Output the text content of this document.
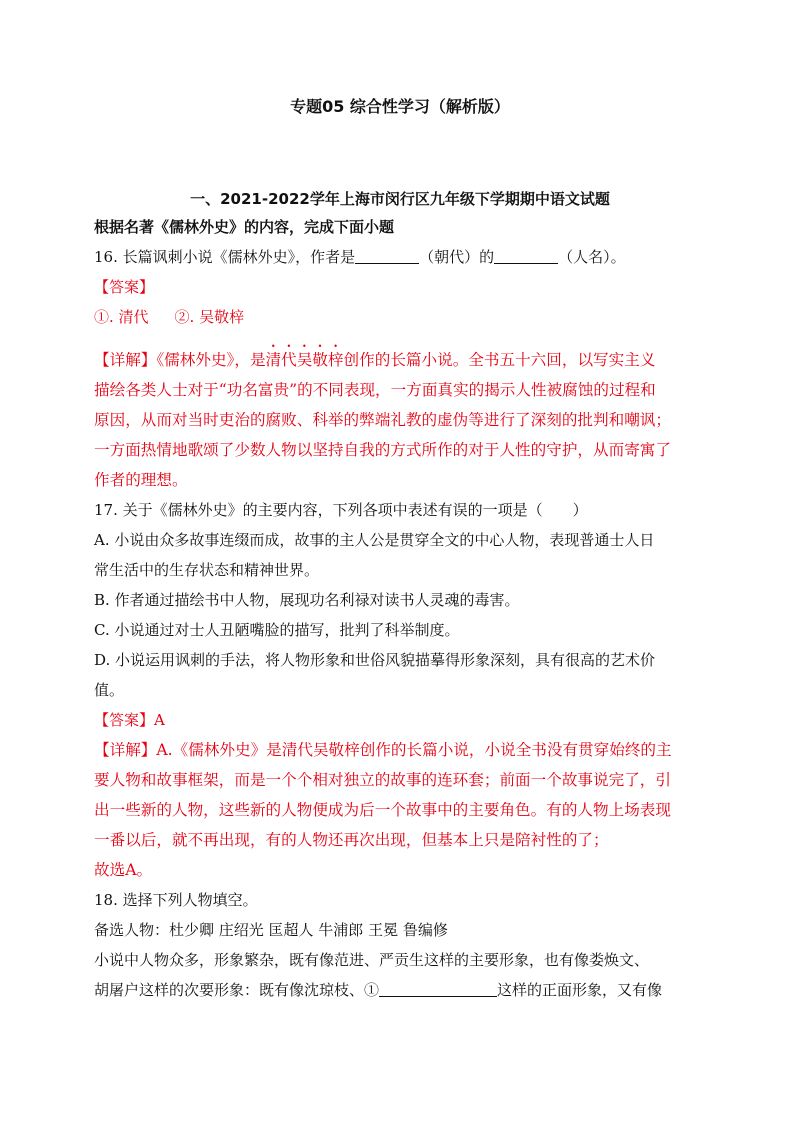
专题05 综合性学习（解析版）
一、2021-2022学年上海市闵行区九年级下学期期中语文试题
根据名著《儒林外史》的内容，完成下面小题
16. 长篇讽刺小说《儒林外史》，作者是	（朝代）的	（人名）。
【答案】
①. 清代 ②. 吴敬梓

【详解】《儒林外史》，是清代吴敬梓创作的长篇小说。全书五十六回，以写实主义

描绘各类人士对于“功名富贵”的不同表现，一方面真实的揭示人性被腐蚀的过程和

原因，从而对当时吏治的腐败、科举的弊端礼教的虚伪等进行了深刻的批判和嘲讽；

一方面热情地歌颂了少数人物以坚持自我的方式所作的对于人性的守护，从而寄寓了

作者的理想。

17. 关于《儒林外史》的主要内容，下列各项中表述有误的一项是（　　）
A. 小说由众多故事连缀而成，故事的主人公是贯穿全文的中心人物，表现普通士人日
常生活中的生存状态和精神世界。
B. 作者通过描绘书中人物，展现功名利禄对读书人灵魂的毒害。
C. 小说通过对士人丑陋嘴脸的描写，批判了科举制度。
D. 小说运用讽刺的手法，将人物形象和世俗风貌描摹得形象深刻，具有很高的艺术价
值。
【答案】A

【详解】A.《儒林外史》是清代吴敬梓创作的长篇小说，小说全书没有贯穿始终的主

要人物和故事框架，而是一个个相对独立的故事的连环套；前面一个故事说完了，引

出一些新的人物，这些新的人物便成为后一个故事中的主要角色。有的人物上场表现

一番以后，就不再出现，有的人物还再次出现，但基本上只是陪衬性的了；

故选A。

18. 选择下列人物填空。
备选人物：杜少卿 庄绍光 匡超人 牛浦郎 王冕 鲁编修
小说中人物众多，形象繁杂，既有像范进、严贡生这样的主要形象，也有像娄焕文、
胡屠户这样的次要形象：既有像沈琼枝、①	这样的正面形象，又有像
